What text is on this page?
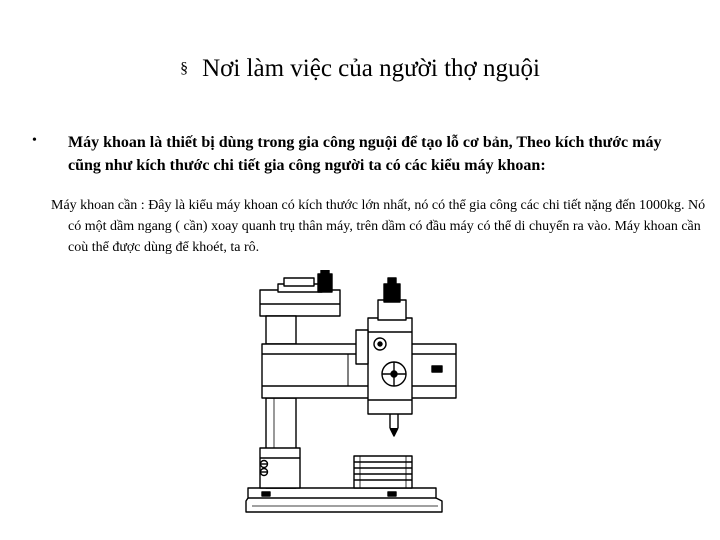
§ Nơi làm việc của người thợ nguội
• Máy khoan là thiết bị dùng trong gia công nguội để tạo lỗ cơ bản, Theo kích thước máy cũng như kích thước chi tiết gia công người ta có các kiểu máy khoan:
Máy khoan cần : Đây là kiểu máy khoan có kích thước lớn nhất, nó có thể gia công các chi tiết nặng đến 1000kg. Nó có một dầm ngang ( cần) xoay quanh trụ thân máy, trên dầm có đầu máy có thể di chuyển ra vào. Máy khoan cần coù thể được dùng để khoét, ta rô.
